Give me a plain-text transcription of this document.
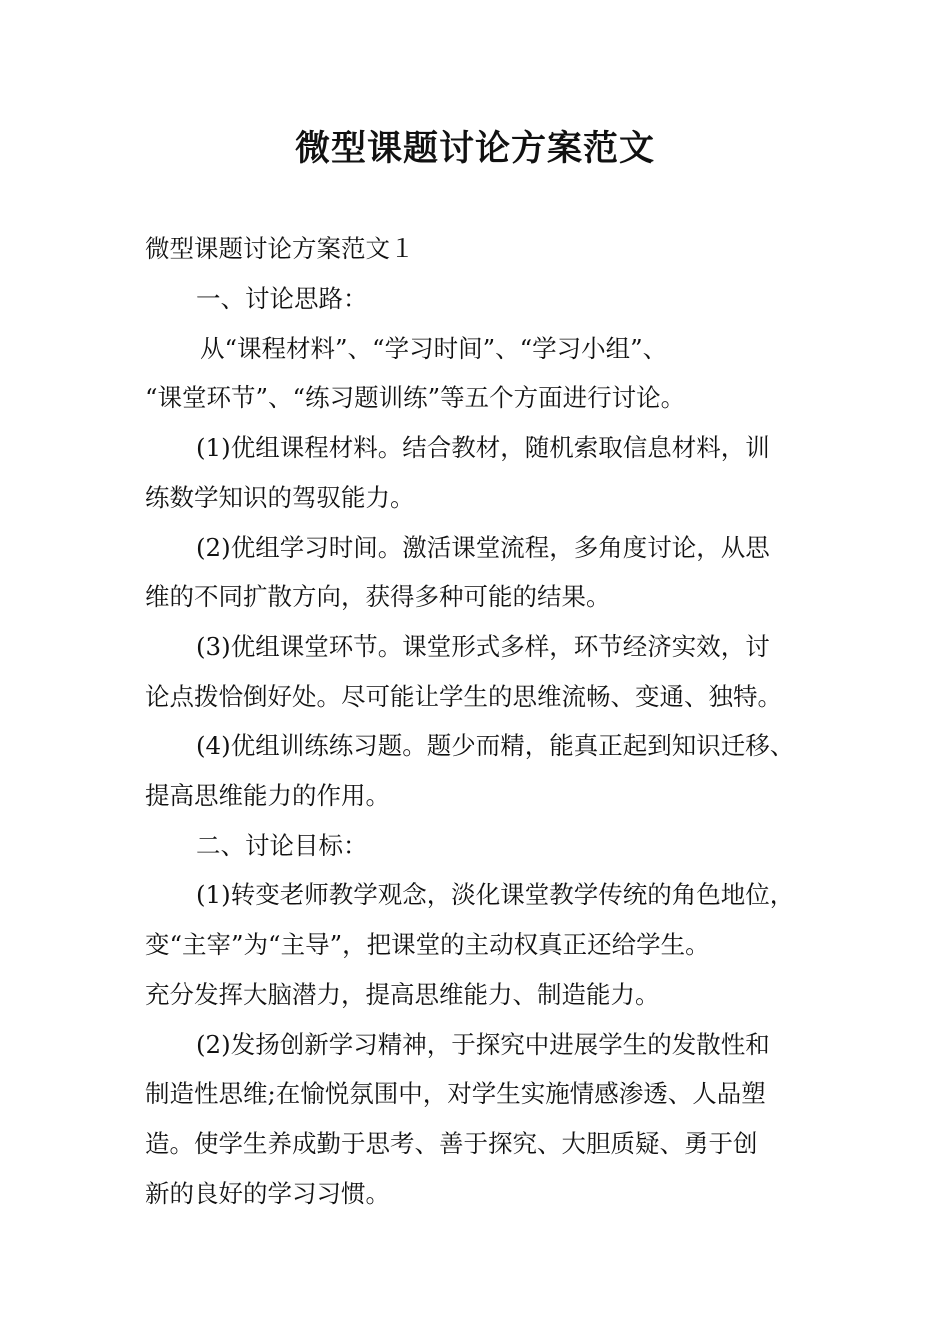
微型课题讨论方案范文
微型课题讨论方案范文１
一、讨论思路：
从“课程材料”、“学习时间”、“学习小组”、
“课堂环节”、“练习题训练”等五个方面进行讨论。
(1)优组课程材料。结合教材，随机索取信息材料，训
练数学知识的驾驭能力。
(2)优组学习时间。激活课堂流程，多角度讨论，从思
维的不同扩散方向，获得多种可能的结果。
(3)优组课堂环节。课堂形式多样，环节经济实效，讨
论点拨恰倒好处。尽可能让学生的思维流畅、变通、独特。
(4)优组训练练习题。题少而精，能真正起到知识迁移、
提高思维能力的作用。
二、讨论目标：
(1)转变老师教学观念，淡化课堂教学传统的角色地位，
变“主宰”为“主导”，把课堂的主动权真正还给学生。
充分发挥大脑潜力，提高思维能力、制造能力。
(2)发扬创新学习精神，于探究中进展学生的发散性和
制造性思维;在愉悦氛围中，对学生实施情感渗透、人品塑
造。使学生养成勤于思考、善于探究、大胆质疑、勇于创
新的良好的学习习惯。
